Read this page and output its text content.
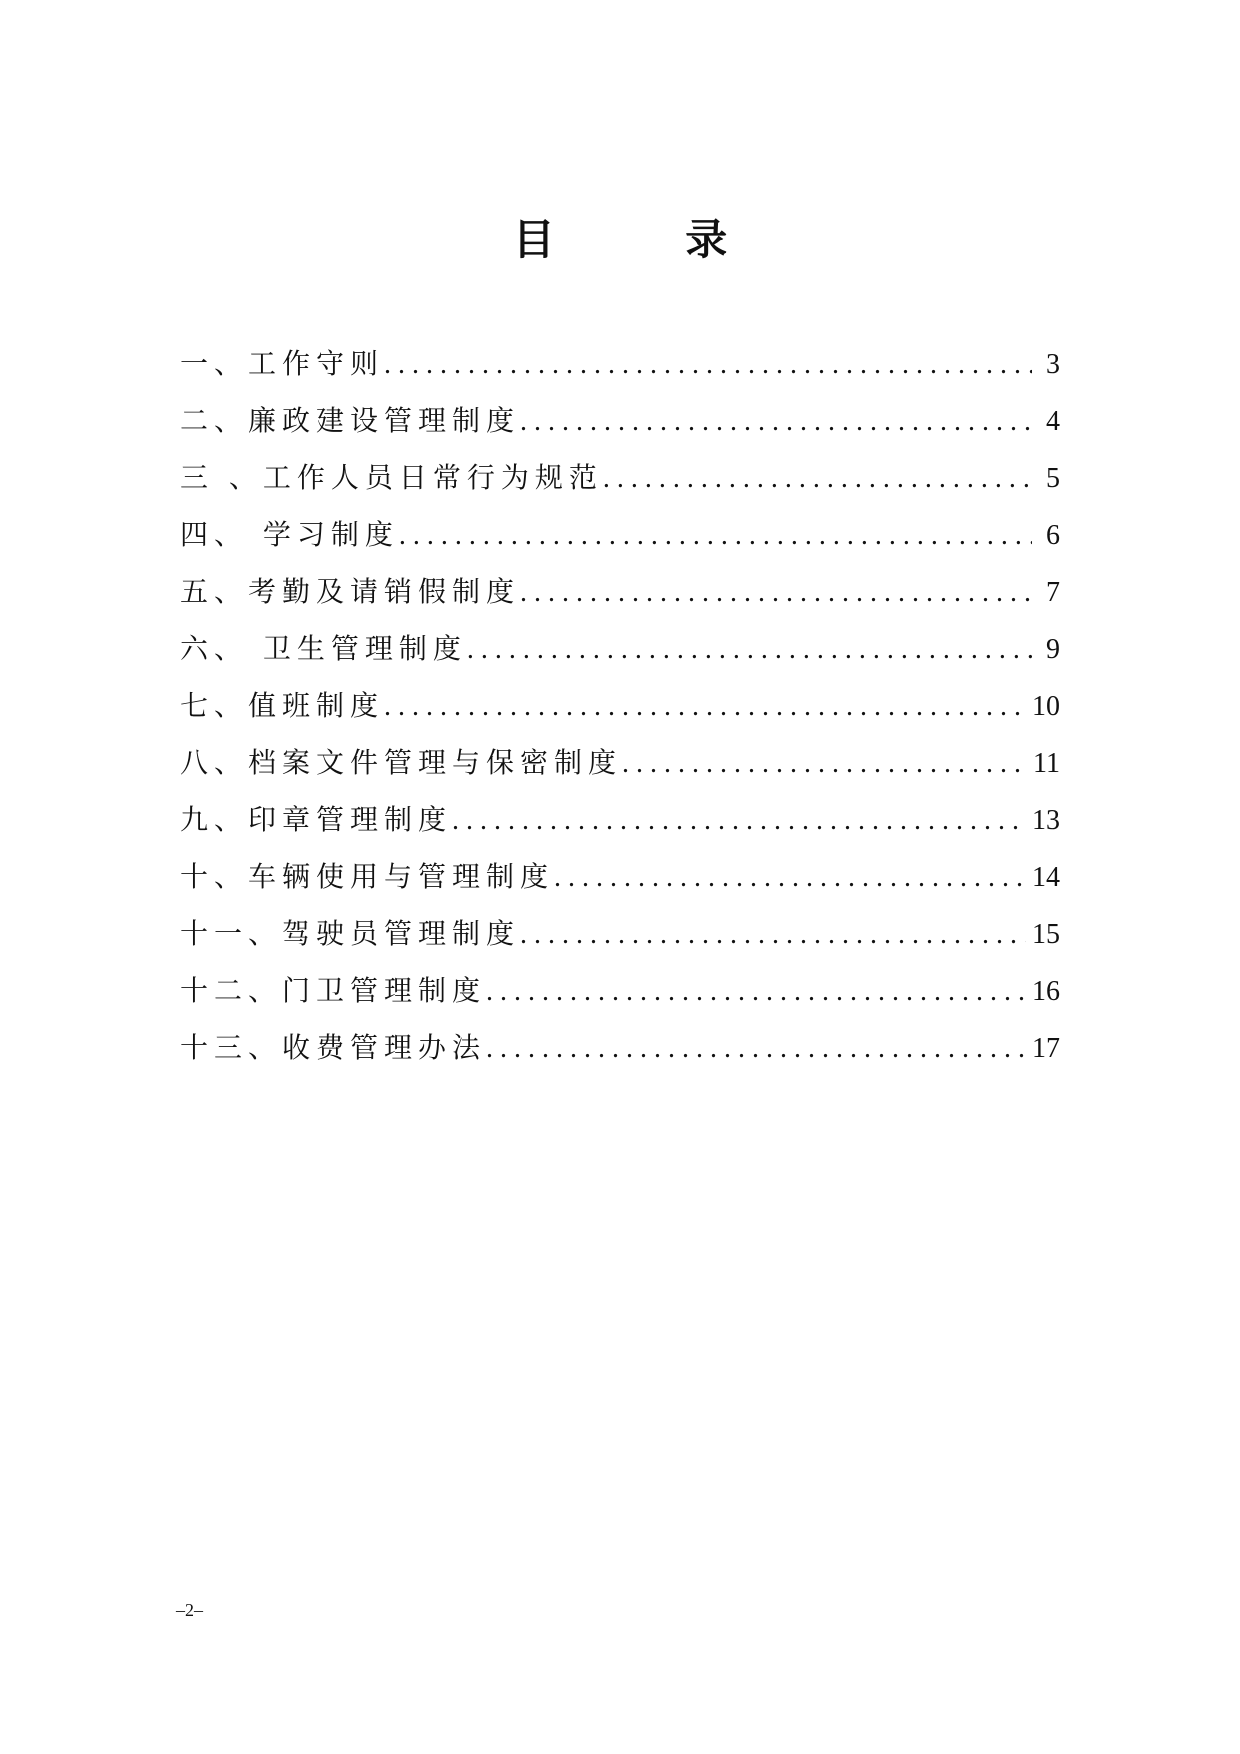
目 录
一、工作守则 .....	3
二、廉政建设管理制度 .....	4
三 、工作人员日常行为规范 .....	5
四、 学习制度 .....	6
五、考勤及请销假制度 .....	7
六、 卫生管理制度 .....	9
七、值班制度 .....	10
八、档案文件管理与保密制度 .....	11
九、印章管理制度 .....	13
十、车辆使用与管理制度 .....	14
十一、驾驶员管理制度 .....	15
十二、门卫管理制度 .....	16
十三、收费管理办法 .....	17
–2–
